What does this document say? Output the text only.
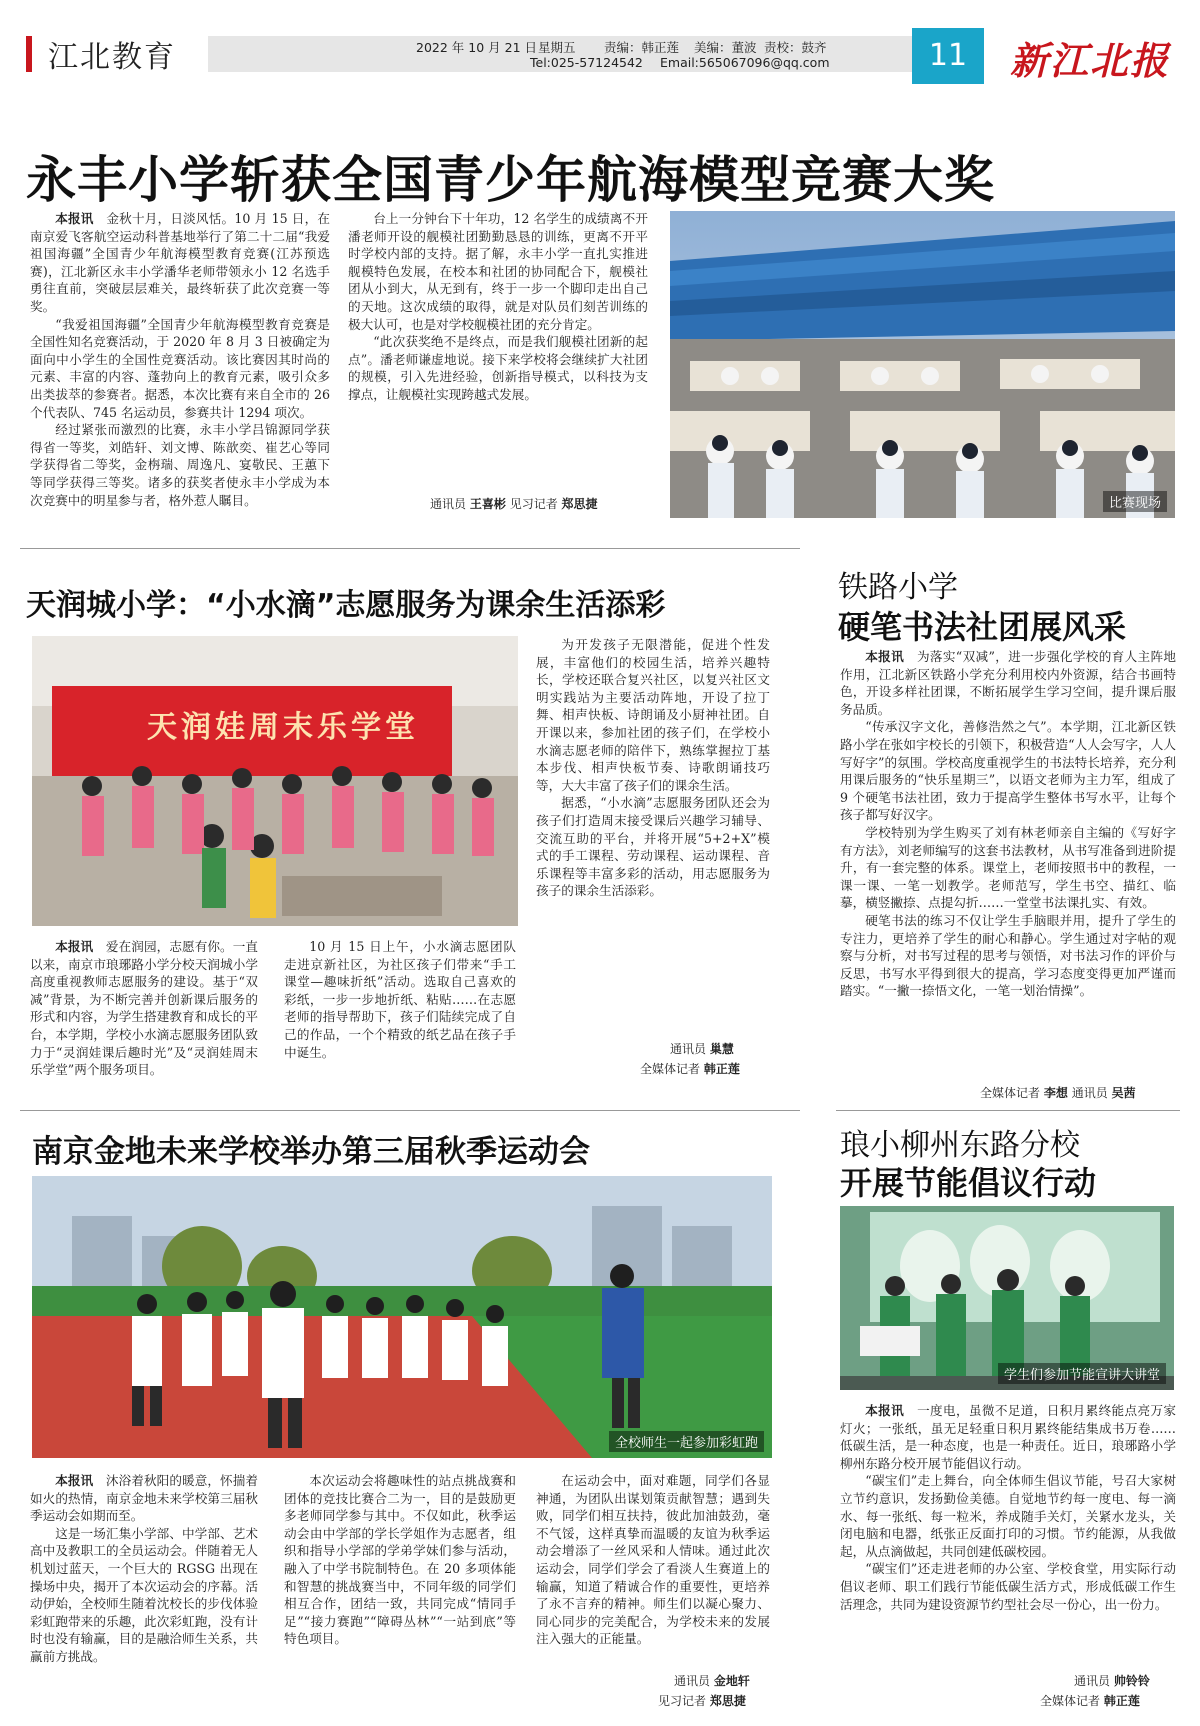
江北教育	2022 年 10 月 21 日 星期五 责编：韩正莲 美编：董波 责校：鼓齐
Tel:025-57124542 Email:565067096@qq.com	11	新江北报
永丰小学斩获全国青少年航海模型竞赛大奖

本报讯　 金秋十月，日淡风恬。10 月 15 日，在南京爱飞客航空运动科普基地举行了第二十二届“我爱祖国海疆”全国青少年航海模型教育竞赛(江苏预选赛)，江北新区永丰小学潘华老师带领永小 12 名选手勇往直前，突破层层难关，最终斩获了此次竞赛一等奖。

“我爱祖国海疆”全国青少年航海模型教育竞赛是全国性知名竞赛活动，于 2020 年 8 月 3 日被确定为面向中小学生的全国性竞赛活动。该比赛因其时尚的元素、丰富的内容、蓬勃向上的教育元素，吸引众多出类拔萃的参赛者。据悉，本次比赛有来自全市的 26 个代表队、745 名运动员，参赛共计 1294 项次。

经过紧张而激烈的比赛，永丰小学吕锦源同学获得省一等奖，刘皓轩、刘文博、陈歆奕、崔艺心等同学获得省二等奖，金栴瑞、周逸凡、宴敬民、王蕙下等同学获得三等奖。诸多的获奖者使永丰小学成为本次竞赛中的明星参与者，格外惹人瞩目。

台上一分钟台下十年功，12 名学生的成绩离不开潘老师开设的舰模社团勤勤恳恳的训练，更离不开平时学校内部的支持。据了解，永丰小学一直扎实推进舰模特色发展，在校本和社团的协同配合下，舰模社团从小到大，从无到有，终于一步一个脚印走出自己的天地。这次成绩的取得，就是对队员们刻苦训练的极大认可，也是对学校舰模社团的充分肯定。

“此次获奖绝不是终点，而是我们舰模社团新的起点”。潘老师谦虚地说。接下来学校将会继续扩大社团的规模，引入先进经验，创新指导模式，以科技为支撑点，让舰模社实现跨越式发展。

通讯员 王喜彬 见习记者 郑思捷	比赛现场
天润城小学：“小水滴”志愿服务为课余生活添彩
天润娃周末乐学堂

本报讯　 爱在润园，志愿有你。一直以来，南京市琅琊路小学分校天润城小学高度重视教师志愿服务的建设。基于“双减”背景，为不断完善并创新课后服务的形式和内容，为学生搭建教育和成长的平台，本学期，学校小水滴志愿服务团队致力于“灵润娃课后趣时光”及“灵润娃周末乐学堂”两个服务项目。

10 月 15 日上午，小水滴志愿团队走进京新社区，为社区孩子们带来“手工课堂—趣味折纸”活动。选取自己喜欢的彩纸，一步一步地折纸、粘贴……在志愿老师的指导帮助下，孩子们陆续完成了自己的作品，一个个精致的纸艺品在孩子手中诞生。

为开发孩子无限潜能，促进个性发展，丰富他们的校园生活，培养兴趣特长，学校还联合复兴社区，以复兴社区文明实践站为主要活动阵地，开设了拉丁舞、相声快板、诗朗诵及小厨神社团。自开课以来，参加社团的孩子们，在学校小水滴志愿老师的陪伴下，熟练掌握拉丁基本步伐、相声快板节奏、诗歌朗诵技巧等，大大丰富了孩子们的课余生活。

据悉，“小水滴”志愿服务团队还会为孩子们打造周末接受课后兴趣学习辅导、交流互助的平台，并将开展“5+2+X”模式的手工课程、劳动课程、运动课程、音乐课程等丰富多彩的活动，用志愿服务为孩子的课余生活添彩。

通讯员 巢慧
全媒体记者 韩正莲
铁路小学
硬笔书法社团展风采

本报讯　 为落实“双减”，进一步强化学校的育人主阵地作用，江北新区铁路小学充分利用校内外资源，结合书画特色，开设多样社团课，不断拓展学生学习空间，提升课后服务品质。

“传承汉字文化，善修浩然之气”。本学期，江北新区铁路小学在张如宇校长的引领下，积极营造“人人会写字，人人写好字”的氛围。学校高度重视学生的书法特长培养，充分利用课后服务的“快乐星期三”，以语文老师为主力军，组成了 9 个硬笔书法社团，致力于提高学生整体书写水平，让每个孩子都写好汉字。

学校特别为学生购买了刘有林老师亲自主编的《写好字 有方法》，刘老师编写的这套书法教材，从书写准备到进阶提升，有一套完整的体系。课堂上，老师按照书中的教程，一课一课、一笔一划教学。老师范写，学生书空、描红、临摹，横竖撇捺、点提勾折……一堂堂书法课扎实、有效。

硬笔书法的练习不仅让学生手脑眼并用，提升了学生的专注力，更培养了学生的耐心和静心。学生通过对字帖的观察与分析，对书写过程的思考与领悟，对书法习作的评价与反思，书写水平得到很大的提高，学习态度变得更加严谨而踏实。“一撇一捺悟文化，一笔一划治情操”。

全媒体记者 李想 通讯员 吴茜
南京金地未来学校举办第三届秋季运动会
全校师生一起参加彩虹跑

本报讯　 沐浴着秋阳的暖意，怀揣着如火的热情，南京金地未来学校第三届秋季运动会如期而至。

这是一场汇集小学部、中学部、艺术高中及教职工的全员运动会。伴随着无人机划过蓝天，一个巨大的 RGSG 出现在操场中央，揭开了本次运动会的序幕。活动伊始，全校师生随着沈校长的步伐体验彩虹跑带来的乐趣，此次彩虹跑，没有计时也没有输赢，目的是融洽师生关系，共赢前方挑战。

本次运动会将趣味性的站点挑战赛和团体的竞技比赛合二为一，目的是鼓励更多老师同学参与其中。不仅如此，秋季运动会由中学部的学长学姐作为志愿者，组织和指导小学部的学弟学妹们参与活动，融入了中学书院制特色。在 20 多项体能和智慧的挑战赛当中，不同年级的同学们相互合作，团结一致，共同完成“情同手足”“接力赛跑”“障碍丛林”“一站到底”等特色项目。

在运动会中，面对难题，同学们各显神通，为团队出谋划策贡献智慧；遇到失败，同学们相互扶持，彼此加油鼓劲，毫不气馁，这样真挚而温暖的友谊为秋季运动会增添了一丝风采和人情味。通过此次运动会，同学们学会了看淡人生赛道上的输赢，知道了精诚合作的重要性，更培养了永不言弃的精神。师生们以凝心聚力、同心同步的完美配合，为学校未来的发展注入强大的正能量。

通讯员 金地轩
见习记者 郑思捷
琅小柳州东路分校
开展节能倡议行动
学生们参加节能宣讲大讲堂

本报讯　 一度电，虽微不足道，日积月累终能点亮万家灯火；一张纸，虽无足轻重日积月累终能结集成书万卷……低碳生活，是一种态度，也是一种责任。近日，琅琊路小学柳州东路分校开展节能倡议行动。

“碳宝们”走上舞台，向全体师生倡议节能，号召大家树立节约意识，发扬勤俭美德。自觉地节约每一度电、每一滴水、每一张纸、每一粒米，养成随手关灯，关紧水龙头，关闭电脑和电器，纸张正反面打印的习惯。节约能源，从我做起，从点滴做起，共同创建低碳校园。

“碳宝们”还走进老师的办公室、学校食堂，用实际行动倡议老师、职工们践行节能低碳生活方式，形成低碳工作生活理念，共同为建设资源节约型社会尽一份心，出一份力。

通讯员 帅铃铃
全媒体记者 韩正莲
